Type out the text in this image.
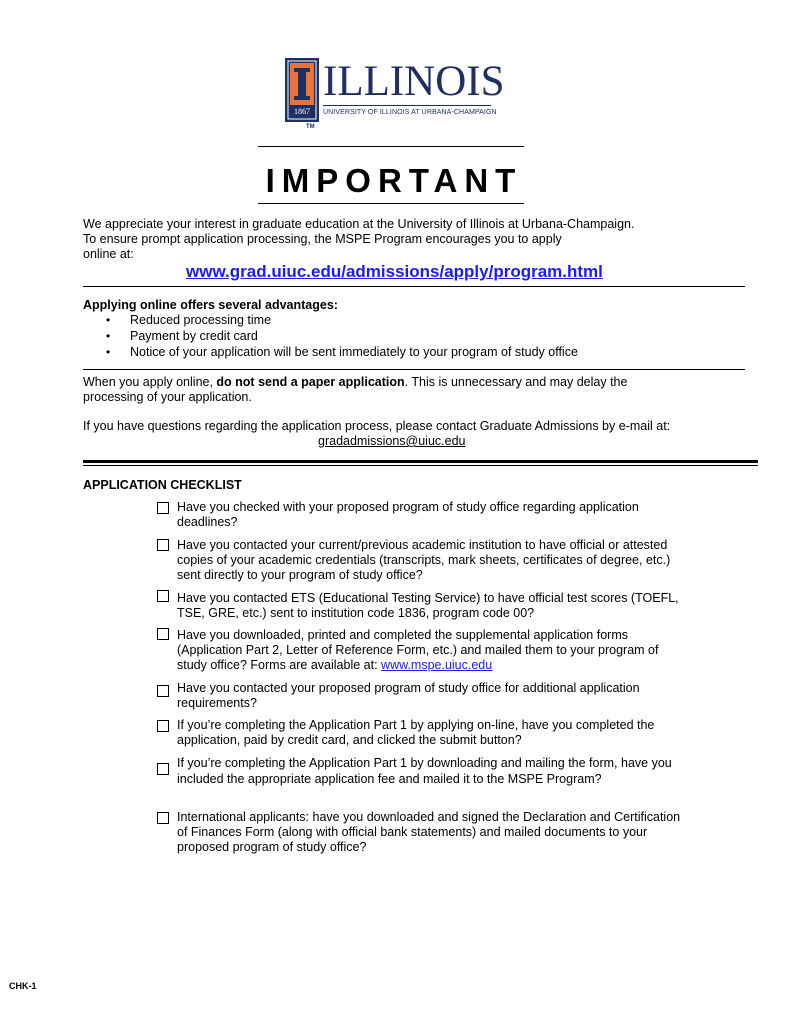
1867
ILLINOIS
UNIVERSITY OF ILLINOIS AT URBANA-CHAMPAIGN
TM
IMPORTANT
We appreciate your interest in graduate education at the University of Illinois at Urbana-Champaign.
To ensure prompt application processing, the MSPE Program encourages you to apply
online at:
www.grad.uiuc.edu/admissions/apply/program.html
Applying online offers several advantages:
• Reduced processing time
• Payment by credit card
• Notice of your application will be sent immediately to your program of study office
When you apply online, do not send a paper application. This is unnecessary and may delay the
processing of your application.
If you have questions regarding the application process, please contact Graduate Admissions by e-mail at:
gradadmissions@uiuc.edu
APPLICATION CHECKLIST
Have you checked with your proposed program of study office regarding application
deadlines?
Have you contacted your current/previous academic institution to have official or attested
copies of your academic credentials (transcripts, mark sheets, certificates of degree, etc.)
sent directly to your program of study office?
Have you contacted ETS (Educational Testing Service) to have official test scores (TOEFL,
TSE, GRE, etc.) sent to institution code 1836, program code 00?
Have you downloaded, printed and completed the supplemental application forms
(Application Part 2, Letter of Reference Form, etc.) and mailed them to your program of
study office? Forms are available at: www.mspe.uiuc.edu
Have you contacted your proposed program of study office for additional application
requirements?
If you’re completing the Application Part 1 by applying on-line, have you completed the
application, paid by credit card, and clicked the submit button?
If you’re completing the Application Part 1 by downloading and mailing the form, have you
included the appropriate application fee and mailed it to the MSPE Program?
International applicants: have you downloaded and signed the Declaration and Certification
of Finances Form (along with official bank statements) and mailed documents to your
proposed program of study office?
CHK-1
